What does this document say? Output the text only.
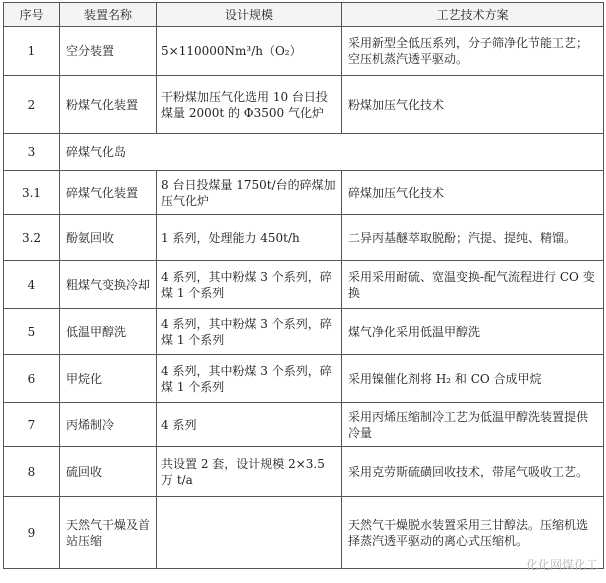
序号	装置名称	设计规模	工艺技术方案
1	空分装置	5×110000Nm³/h（O₂）	采用新型全低压系列，分子筛净化节能工艺；空压机蒸汽透平驱动。
2	粉煤气化装置	干粉煤加压气化选用 10 台日投煤量 2000t 的 Φ3500 气化炉	粉煤加压气化技术
3	碎煤气化岛		
3.1	碎煤气化装置	8 台日投煤量 1750t/台的碎煤加压气化炉	碎煤加压气化技术
3.2	酚氨回收	1 系列，处理能力 450t/h	二异丙基醚萃取脱酚；汽提、提纯、精馏。
4	粗煤气变换冷却	4 系列，其中粉煤 3 个系列，碎煤 1 个系列	采用采用耐硫、宽温变换-配气流程进行 CO 变换
5	低温甲醇洗	4 系列，其中粉煤 3 个系列，碎煤 1 个系列	煤气净化采用低温甲醇洗
6	甲烷化	4 系列，其中粉煤 3 个系列，碎煤 1 个系列	采用镍催化剂将 H₂ 和 CO 合成甲烷
7	丙烯制冷	4 系列	采用丙烯压缩制冷工艺为低温甲醇洗装置提供冷量
8	硫回收	共设置 2 套，设计规模 2×3.5 万 t/a	采用克劳斯硫磺回收技术，带尾气吸收工艺。
9	天然气干燥及首站压缩		天然气干燥脱水装置采用三甘醇法。压缩机选择蒸汽透平驱动的离心式压缩机。
化化网煤化工
